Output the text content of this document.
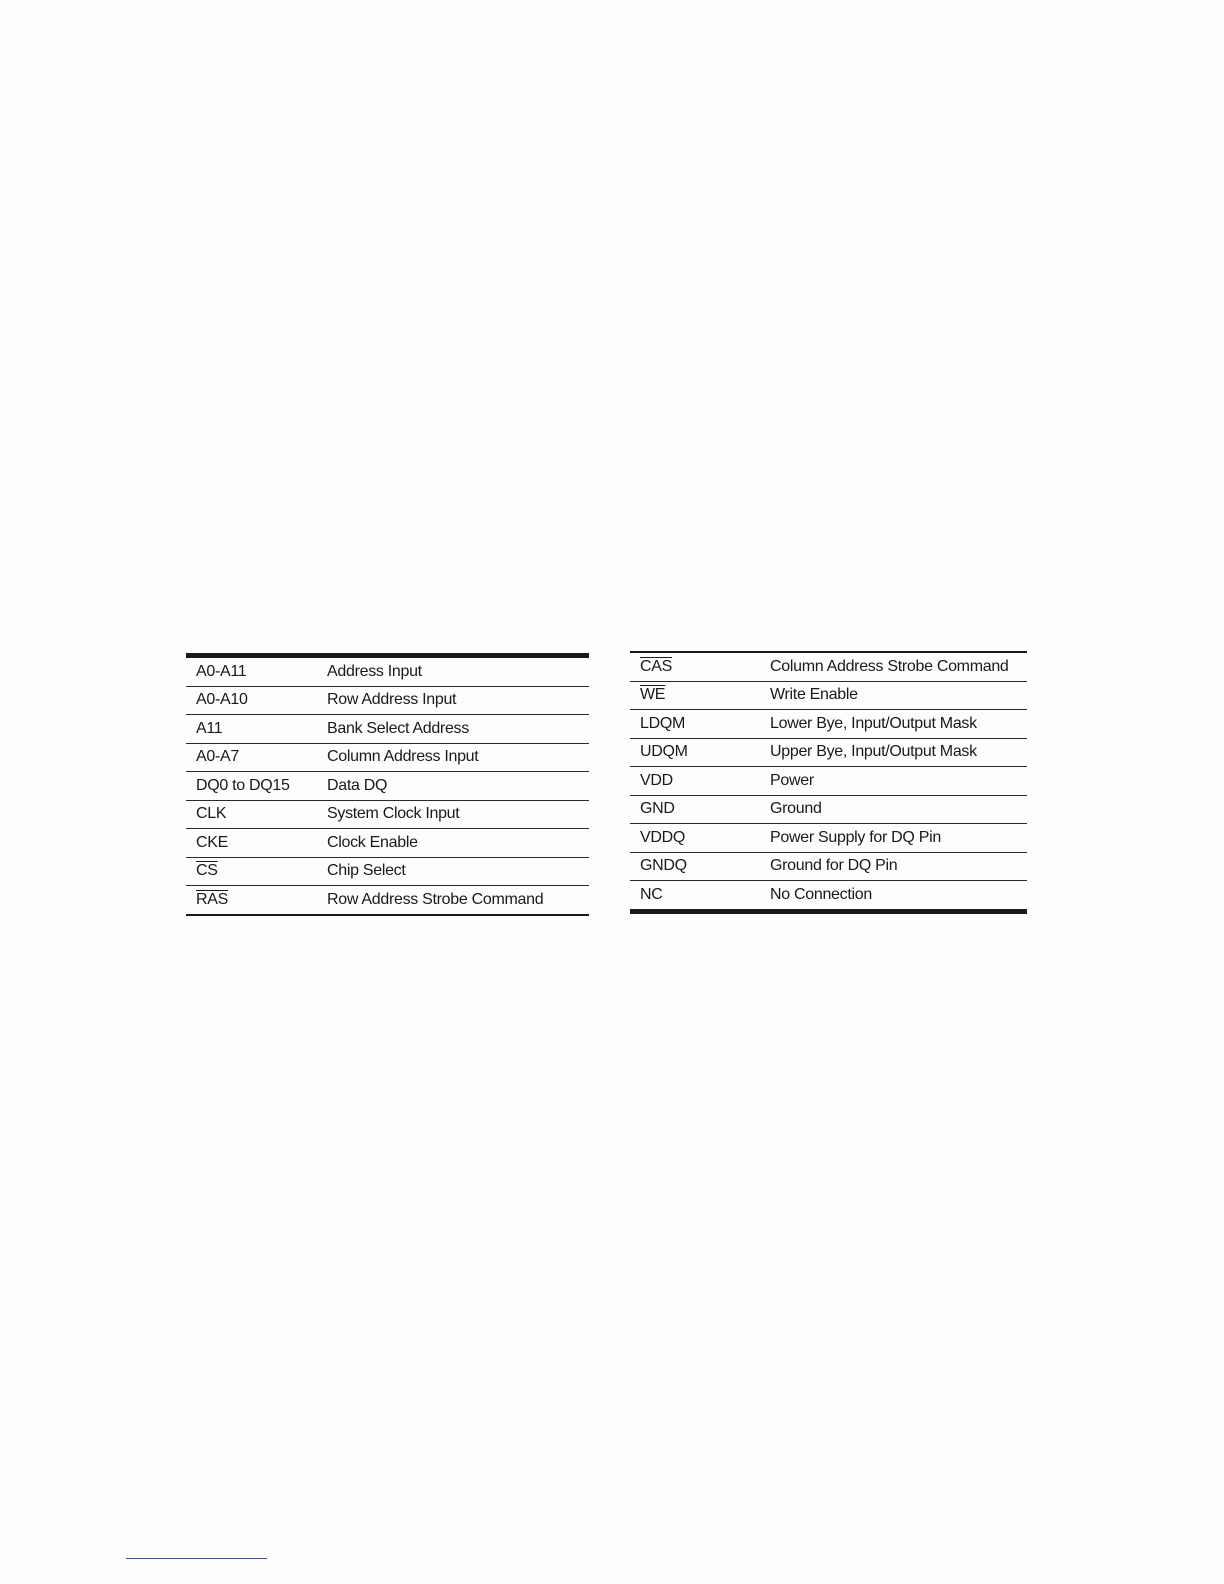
A0-A11	Address Input
A0-A10	Row Address Input
A11	Bank Select Address
A0-A7	Column Address Input
DQ0 to DQ15	Data DQ
CLK	System Clock Input
CKE	Clock Enable
$\overline{CS}$	Chip Select
$\overline{RAS}$	Row Address Strobe Command
$\overline{CAS}$	Column Address Strobe Command
$\overline{WE}$	Write Enable
LDQM	Lower Bye, Input/Output Mask
UDQM	Upper Bye, Input/Output Mask
VDD	Power
GND	Ground
VDDQ	Power Supply for DQ Pin
GNDQ	Ground for DQ Pin
NC	No Connection
